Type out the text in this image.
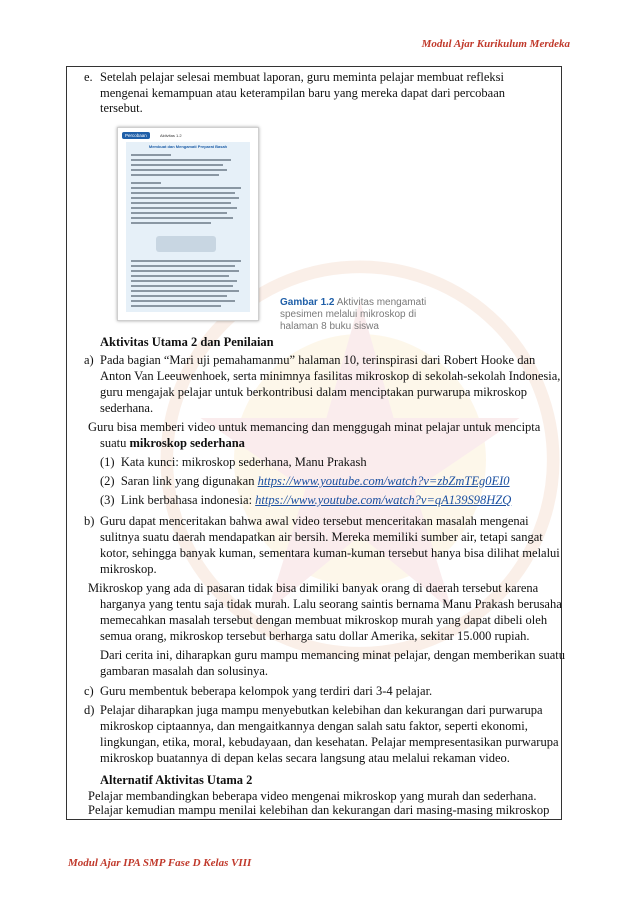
Modul Ajar Kurikulum Merdeka
e. Setelah pelajar selesai membuat laporan, guru meminta pelajar membuat refleksi
mengenai kemampuan atau keterampilan baru yang mereka dapat dari percobaan
tersebut.
Percobaan	Aktivitas 1.2
Membuat dan Mengamati Preparat Basah
Gambar 1.2 Aktivitas mengamati
spesimen melalui mikroskop di
halaman 8 buku siswa
Aktivitas Utama 2 dan Penilaian
a) Pada bagian “Mari uji pemahamanmu” halaman 10, terinspirasi dari Robert Hooke dan
Anton Van Leeuwenhoek, serta minimnya fasilitas mikroskop di sekolah-sekolah Indonesia,
guru mengajak pelajar untuk berkontribusi dalam menciptakan purwarupa mikroskop
sederhana.
Guru bisa memberi video untuk memancing dan menggugah minat pelajar untuk mencipta
suatu mikroskop sederhana
(1) Kata kunci: mikroskop sederhana, Manu Prakash
(2) Saran link yang digunakan https://www.youtube.com/watch?v=zbZmTEg0EI0
(3) Link berbahasa indonesia: https://www.youtube.com/watch?v=qA139S98HZQ
b) Guru dapat menceritakan bahwa awal video tersebut menceritakan masalah mengenai
sulitnya suatu daerah mendapatkan air bersih. Mereka memiliki sumber air, tetapi sangat
kotor, sehingga banyak kuman, sementara kuman-kuman tersebut hanya bisa dilihat melalui
mikroskop.
Mikroskop yang ada di pasaran tidak bisa dimiliki banyak orang di daerah tersebut karena
harganya yang tentu saja tidak murah. Lalu seorang saintis bernama Manu Prakash berusaha
memecahkan masalah tersebut dengan membuat mikroskop murah yang dapat dibeli oleh
semua orang, mikroskop tersebut berharga satu dollar Amerika, sekitar 15.000 rupiah.
Dari cerita ini, diharapkan guru mampu memancing minat pelajar, dengan memberikan suatu
gambaran masalah dan solusinya.
c) Guru membentuk beberapa kelompok yang terdiri dari 3-4 pelajar.
d) Pelajar diharapkan juga mampu menyebutkan kelebihan dan kekurangan dari purwarupa
mikroskop ciptaannya, dan mengaitkannya dengan salah satu faktor, seperti ekonomi,
lingkungan, etika, moral, kebudayaan, dan kesehatan. Pelajar mempresentasikan purwarupa
mikroskop buatannya di depan kelas secara langsung atau melalui rekaman video.
Alternatif Aktivitas Utama 2
Pelajar membandingkan beberapa video mengenai mikroskop yang murah dan sederhana.
Pelajar kemudian mampu menilai kelebihan dan kekurangan dari masing-masing mikroskop
Modul Ajar IPA SMP Fase D Kelas VIII
